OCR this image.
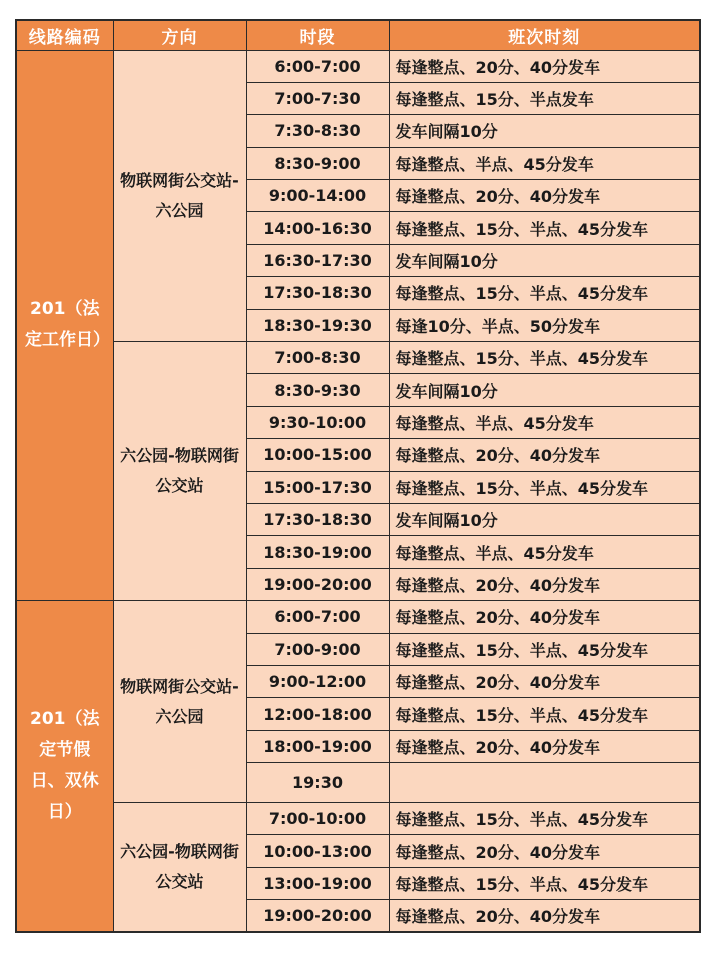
线路编码	方向	时段	班次时刻
201（法定工作日）	物联网街公交站-六公园	6:00-7:00	每逢整点、20分、40分发车
		7:00-7:30	每逢整点、15分、半点发车
		7:30-8:30	发车间隔10分
		8:30-9:00	每逢整点、半点、45分发车
		9:00-14:00	每逢整点、20分、40分发车
		14:00-16:30	每逢整点、15分、半点、45分发车
		16:30-17:30	发车间隔10分
		17:30-18:30	每逢整点、15分、半点、45分发车
		18:30-19:30	每逢10分、半点、50分发车
	六公园-物联网街公交站	7:00-8:30	每逢整点、15分、半点、45分发车
		8:30-9:30	发车间隔10分
		9:30-10:00	每逢整点、半点、45分发车
		10:00-15:00	每逢整点、20分、40分发车
		15:00-17:30	每逢整点、15分、半点、45分发车
		17:30-18:30	发车间隔10分
		18:30-19:00	每逢整点、半点、45分发车
		19:00-20:00	每逢整点、20分、40分发车
201（法定节假日、双休日）	物联网街公交站-六公园	6:00-7:00	每逢整点、20分、40分发车
		7:00-9:00	每逢整点、15分、半点、45分发车
		9:00-12:00	每逢整点、20分、40分发车
		12:00-18:00	每逢整点、15分、半点、45分发车
		18:00-19:00	每逢整点、20分、40分发车
		19:30	
	六公园-物联网街公交站	7:00-10:00	每逢整点、15分、半点、45分发车
		10:00-13:00	每逢整点、20分、40分发车
		13:00-19:00	每逢整点、15分、半点、45分发车
		19:00-20:00	每逢整点、20分、40分发车
